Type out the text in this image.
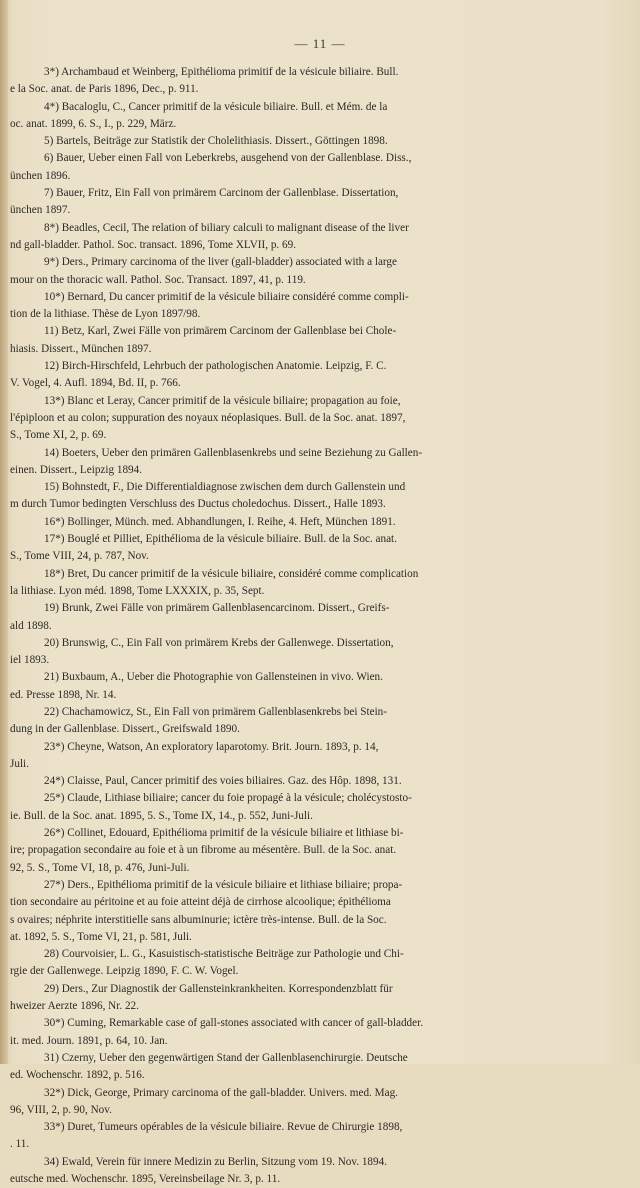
— 11 —
3*) Archambaud et Weinberg, Epithélioma primitif de la vésicule biliaire. Bull.
e la Soc. anat. de Paris 1896, Dec., p. 911.
4*) Bacaloglu, C., Cancer primitif de la vésicule biliaire. Bull. et Mém. de la
oc. anat. 1899, 6. S., I., p. 229, März.
5) Bartels, Beiträge zur Statistik der Cholelithiasis. Dissert., Göttingen 1898.
6) Bauer, Ueber einen Fall von Leberkrebs, ausgehend von der Gallenblase. Diss.,
ünchen 1896.
7) Bauer, Fritz, Ein Fall von primärem Carcinom der Gallenblase. Dissertation,
ünchen 1897.
8*) Beadles, Cecil, The relation of biliary calculi to malignant disease of the liver
nd gall-bladder. Pathol. Soc. transact. 1896, Tome XLVII, p. 69.
9*) Ders., Primary carcinoma of the liver (gall-bladder) associated with a large
mour on the thoracic wall. Pathol. Soc. Transact. 1897, 41, p. 119.
10*) Bernard, Du cancer primitif de la vésicule biliaire considéré comme compli-
tion de la lithiase. Thèse de Lyon 1897/98.
11) Betz, Karl, Zwei Fälle von primärem Carcinom der Gallenblase bei Chole-
hiasis. Dissert., München 1897.
12) Birch-Hirschfeld, Lehrbuch der pathologischen Anatomie. Leipzig, F. C.
V. Vogel, 4. Aufl. 1894, Bd. II, p. 766.
13*) Blanc et Leray, Cancer primitif de la vésicule biliaire; propagation au foie,
l'épiploon et au colon; suppuration des noyaux néoplasiques. Bull. de la Soc. anat. 1897,
S., Tome XI, 2, p. 69.
14) Boeters, Ueber den primären Gallenblasenkrebs und seine Beziehung zu Gallen-
einen. Dissert., Leipzig 1894.
15) Bohnstedt, F., Die Differentialdiagnose zwischen dem durch Gallenstein und
m durch Tumor bedingten Verschluss des Ductus choledochus. Dissert., Halle 1893.
16*) Bollinger, Münch. med. Abhandlungen, I. Reihe, 4. Heft, München 1891.
17*) Bouglé et Pilliet, Epithélioma de la vésicule biliaire. Bull. de la Soc. anat.
S., Tome VIII, 24, p. 787, Nov.
18*) Bret, Du cancer primitif de la vésicule biliaire, considéré comme complication
la lithiase. Lyon méd. 1898, Tome LXXXIX, p. 35, Sept.
19) Brunk, Zwei Fälle von primärem Gallenblasencarcinom. Dissert., Greifs-
ald 1898.
20) Brunswig, C., Ein Fall von primärem Krebs der Gallenwege. Dissertation,
iel 1893.
21) Buxbaum, A., Ueber die Photographie von Gallensteinen in vivo. Wien.
ed. Presse 1898, Nr. 14.
22) Chachamowicz, St., Ein Fall von primärem Gallenblasenkrebs bei Stein-
dung in der Gallenblase. Dissert., Greifswald 1890.
23*) Cheyne, Watson, An exploratory laparotomy. Brit. Journ. 1893, p. 14,
Juli.
24*) Claisse, Paul, Cancer primitif des voies biliaires. Gaz. des Hôp. 1898, 131.
25*) Claude, Lithiase biliaire; cancer du foie propagé à la vésicule; cholécystosto-
ie. Bull. de la Soc. anat. 1895, 5. S., Tome IX, 14., p. 552, Juni-Juli.
26*) Collinet, Edouard, Epithélioma primitif de la vésicule biliaire et lithiase bi-
ire; propagation secondaire au foie et à un fibrome au mésentère. Bull. de la Soc. anat.
92, 5. S., Tome VI, 18, p. 476, Juni-Juli.
27*) Ders., Epithélioma primitif de la vésicule biliaire et lithiase biliaire; propa-
tion secondaire au péritoine et au foie atteint déjà de cirrhose alcoolique; épithélioma
s ovaires; néphrite interstitielle sans albuminurie; ictère très-intense. Bull. de la Soc.
at. 1892, 5. S., Tome VI, 21, p. 581, Juli.
28) Courvoisier, L. G., Kasuistisch-statistische Beiträge zur Pathologie und Chi-
rgie der Gallenwege. Leipzig 1890, F. C. W. Vogel.
29) Ders., Zur Diagnostik der Gallensteinkrankheiten. Korrespondenzblatt für
hweizer Aerzte 1896, Nr. 22.
30*) Cuming, Remarkable case of gall-stones associated with cancer of gall-bladder.
it. med. Journ. 1891, p. 64, 10. Jan.
31) Czerny, Ueber den gegenwärtigen Stand der Gallenblasenchirurgie. Deutsche
ed. Wochenschr. 1892, p. 516.
32*) Dick, George, Primary carcinoma of the gall-bladder. Univers. med. Mag.
96, VIII, 2, p. 90, Nov.
33*) Duret, Tumeurs opérables de la vésicule biliaire. Revue de Chirurgie 1898,
. 11.
34) Ewald, Verein für innere Medizin zu Berlin, Sitzung vom 19. Nov. 1894.
eutsche med. Wochenschr. 1895, Vereinsbeilage Nr. 3, p. 11.
